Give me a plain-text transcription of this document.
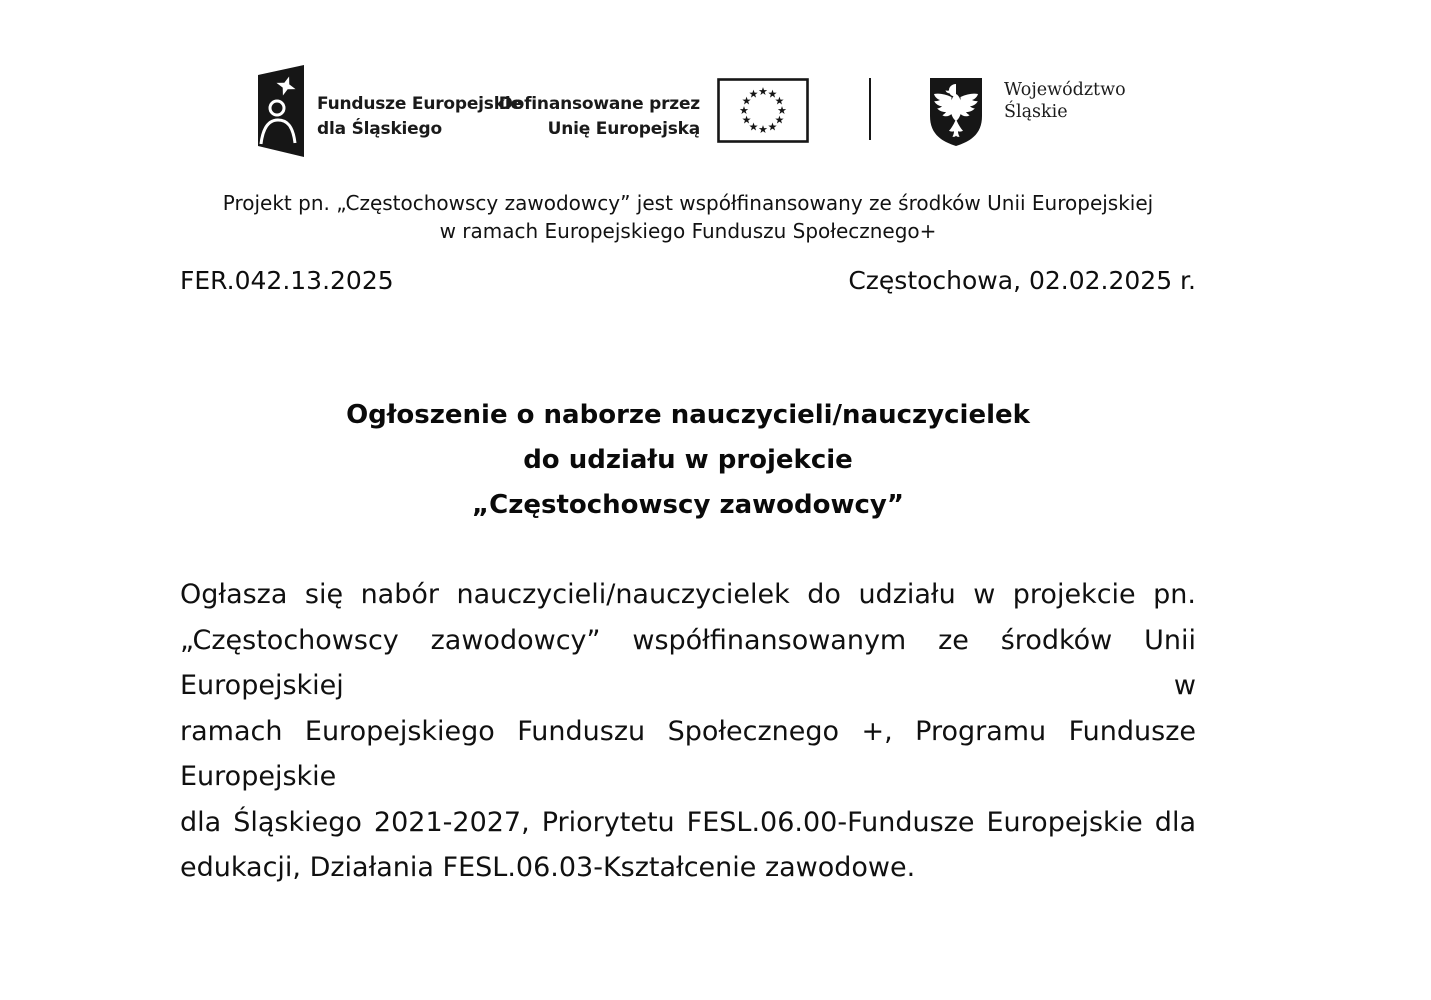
Fundusze Europejskie
dla Śląskiego
Dofinansowane przez
Unię Europejską
Województwo
Śląskie
Projekt pn. „Częstochowscy zawodowcy” jest współfinansowany ze środków Unii Europejskiej
w ramach Europejskiego Funduszu Społecznego+
FER.042.13.2025	Częstochowa, 02.02.2025 r.
Ogłoszenie o naborze nauczycieli/nauczycielek
do udziału w projekcie
„Częstochowscy zawodowcy”
Ogłasza się nabór nauczycieli/nauczycielek do udziału w projekcie pn.
„Częstochowscy zawodowcy” współfinansowanym ze środków Unii Europejskiej w
ramach Europejskiego Funduszu Społecznego +, Programu Fundusze Europejskie
dla Śląskiego 2021-2027, Priorytetu FESL.06.00-Fundusze Europejskie dla
edukacji, Działania FESL.06.03-Kształcenie zawodowe.
